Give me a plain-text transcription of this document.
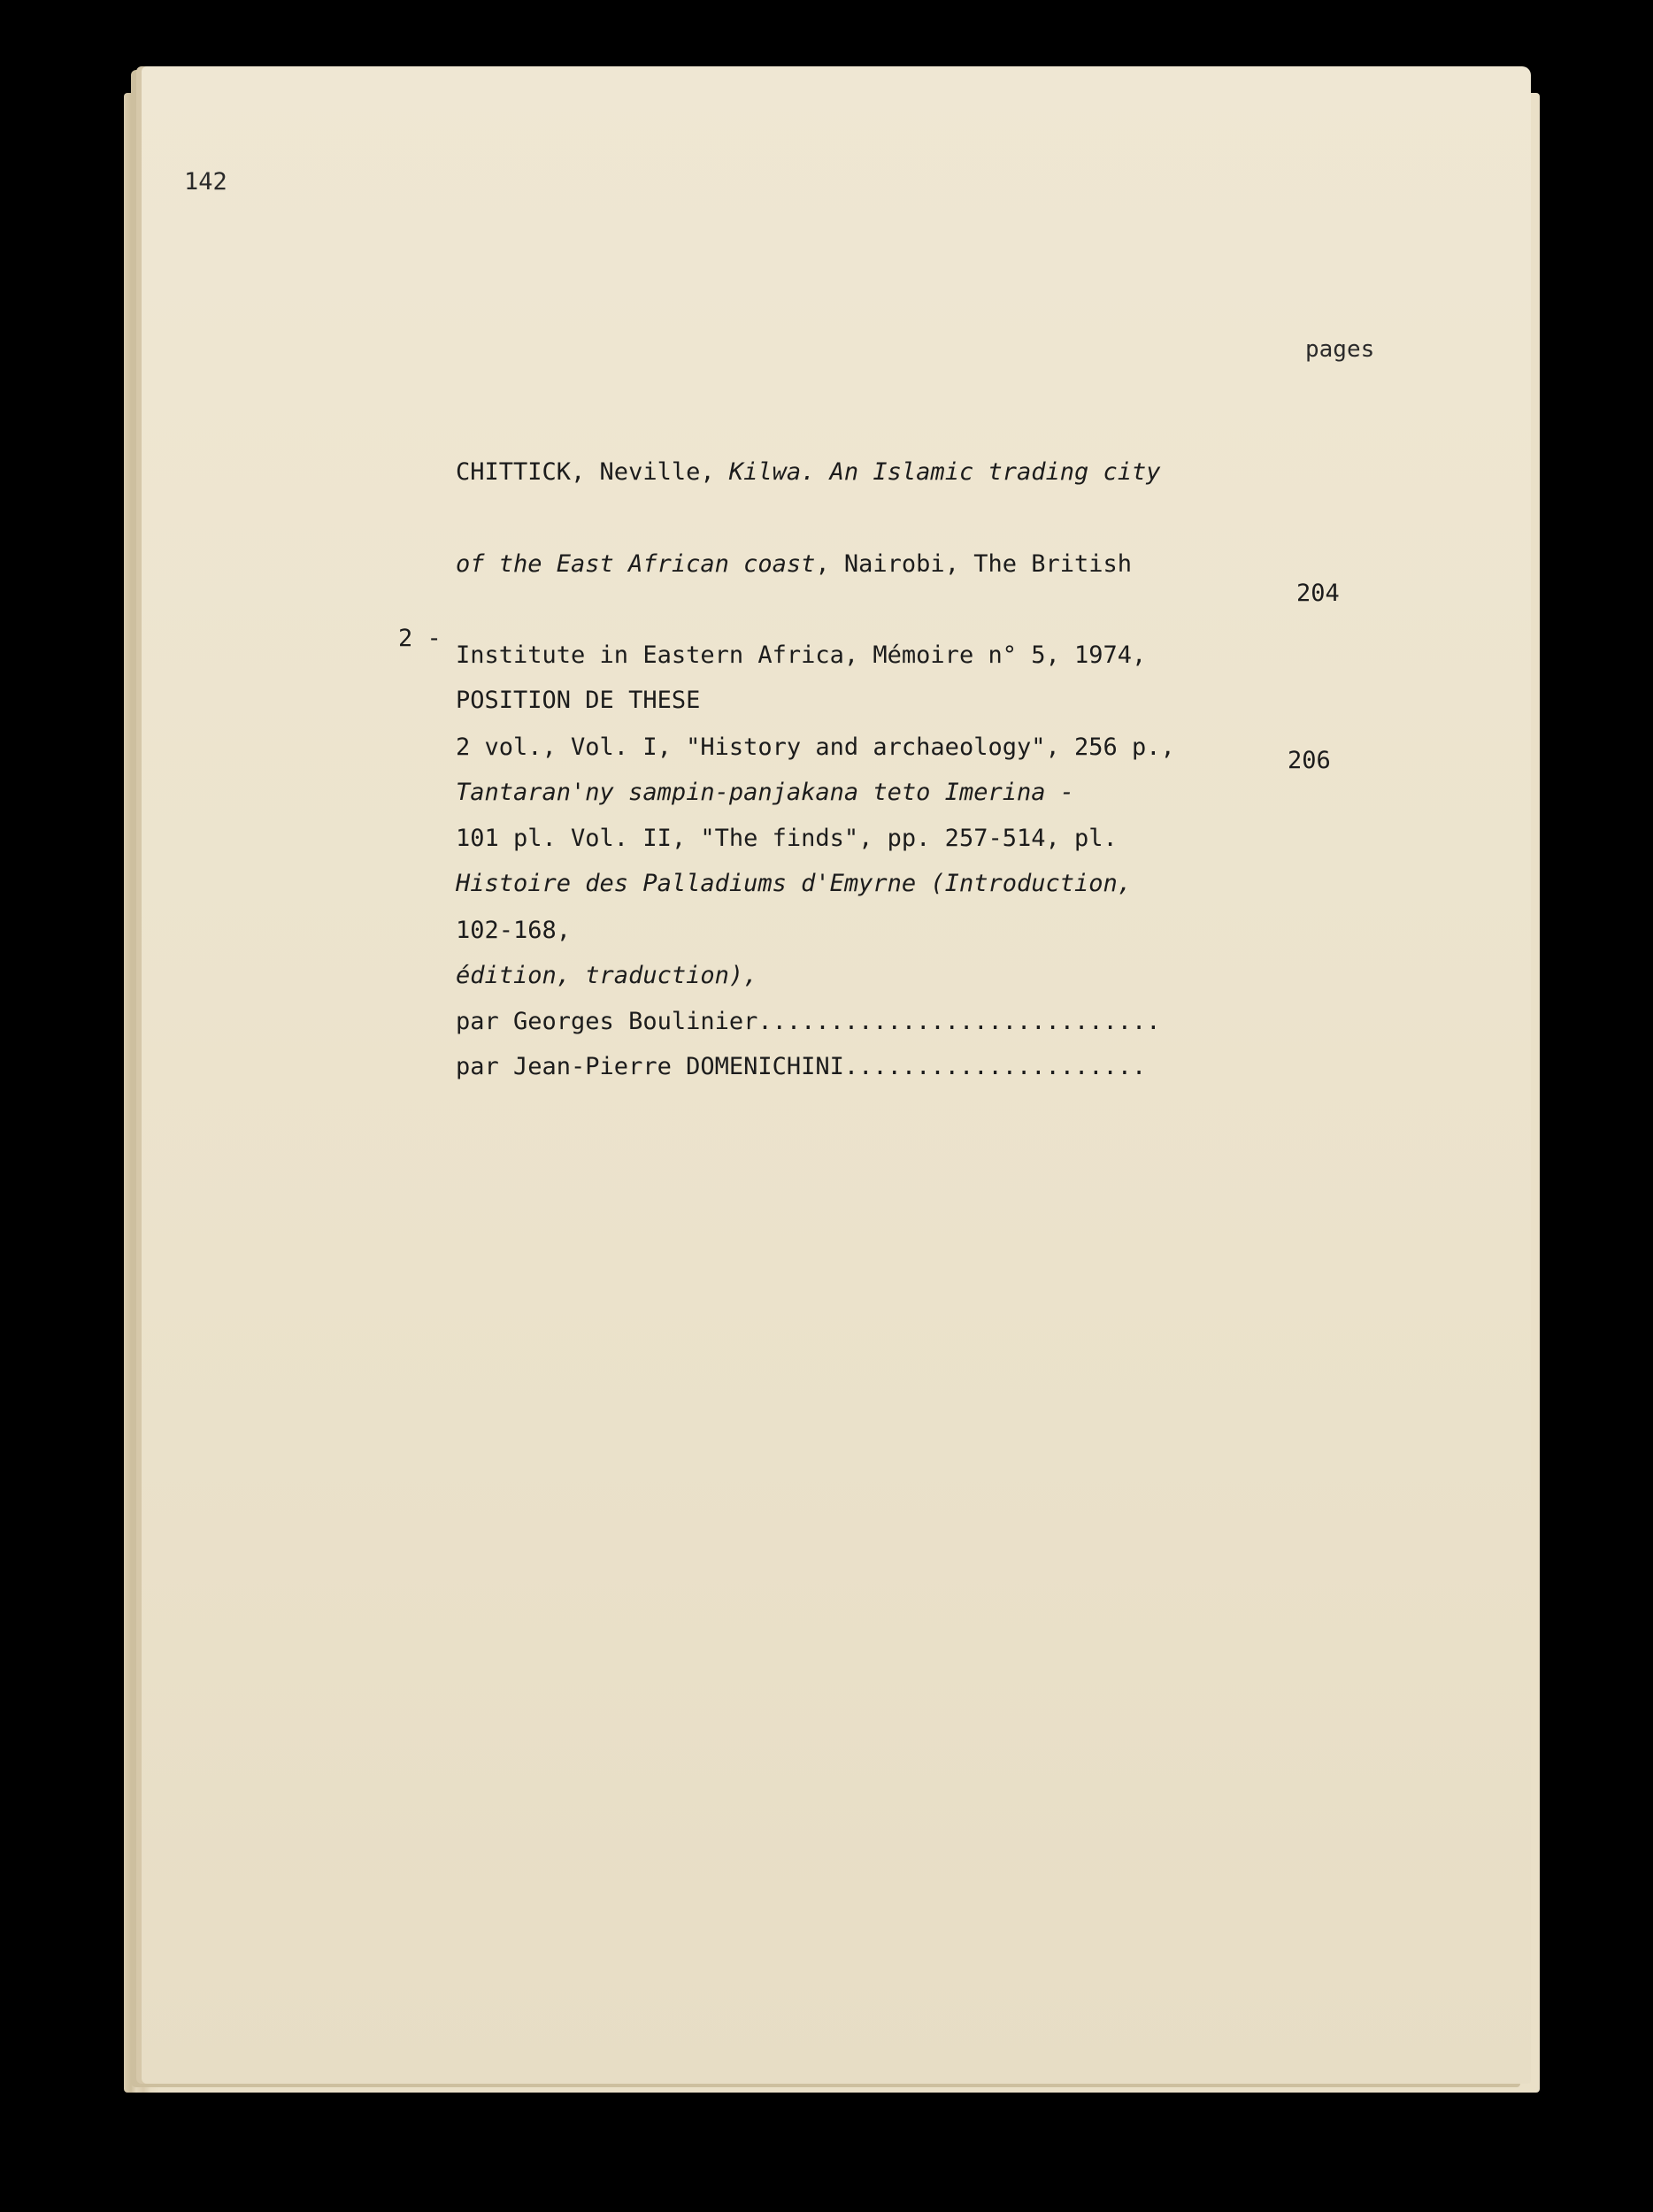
142
pages

CHITTICK, Neville, Kilwa. An Islamic trading city

of the East African coast, Nairobi, The British

Institute in Eastern Africa, Mémoire n° 5, 1974,

2 vol., Vol. I, "History and archaeology", 256 p.,

101 pl. Vol. II, "The finds", pp. 257-514, pl.

102-168,

par Georges Boulinier............................

204
2 -

POSITION DE THESE

Tantaran'ny sampin-panjakana teto Imerina -

Histoire des Palladiums d'Emyrne (Introduction,

édition, traduction),

par Jean-Pierre DOMENICHINI.....................

206
